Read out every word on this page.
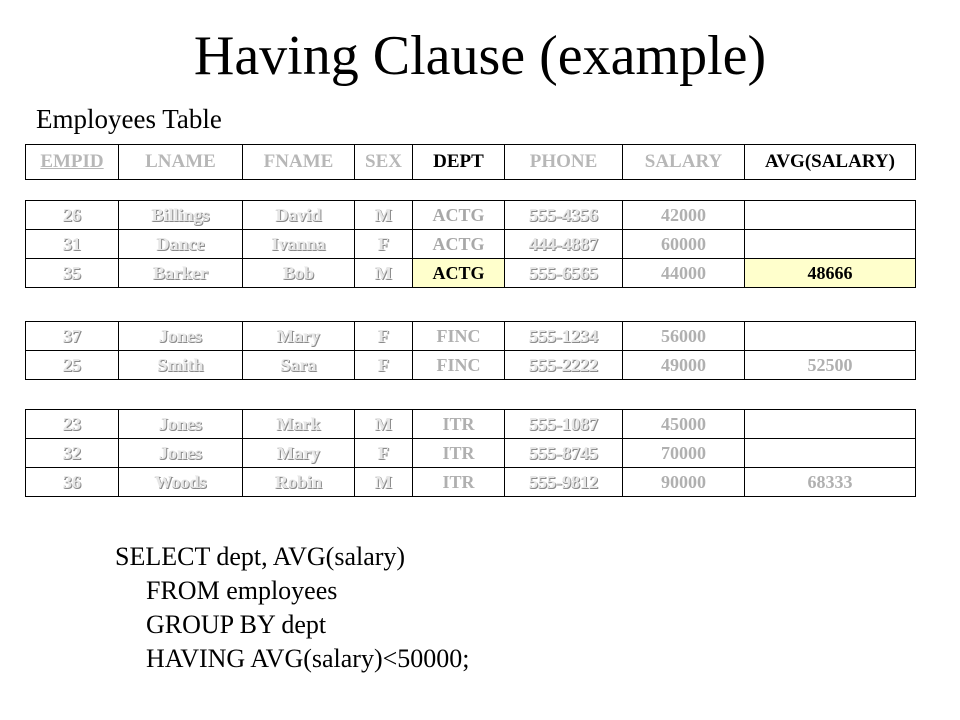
Having Clause (example)
Employees Table
EMPID	LNAME	FNAME	SEX	DEPT	PHONE	SALARY	AVG(SALARY)
26	Billings	David	M	ACTG	555-4356	42000	
31	Dance	Ivanna	F	ACTG	444-4887	60000	
35	Barker	Bob	M	ACTG	555-6565	44000	48666
37	Jones	Mary	F	FINC	555-1234	56000	
25	Smith	Sara	F	FINC	555-2222	49000	52500
23	Jones	Mark	M	ITR	555-1087	45000	
32	Jones	Mary	F	ITR	555-8745	70000	
36	Woods	Robin	M	ITR	555-9812	90000	68333
SELECT dept, AVG(salary)
FROM employees
GROUP BY dept
HAVING AVG(salary)<50000;
